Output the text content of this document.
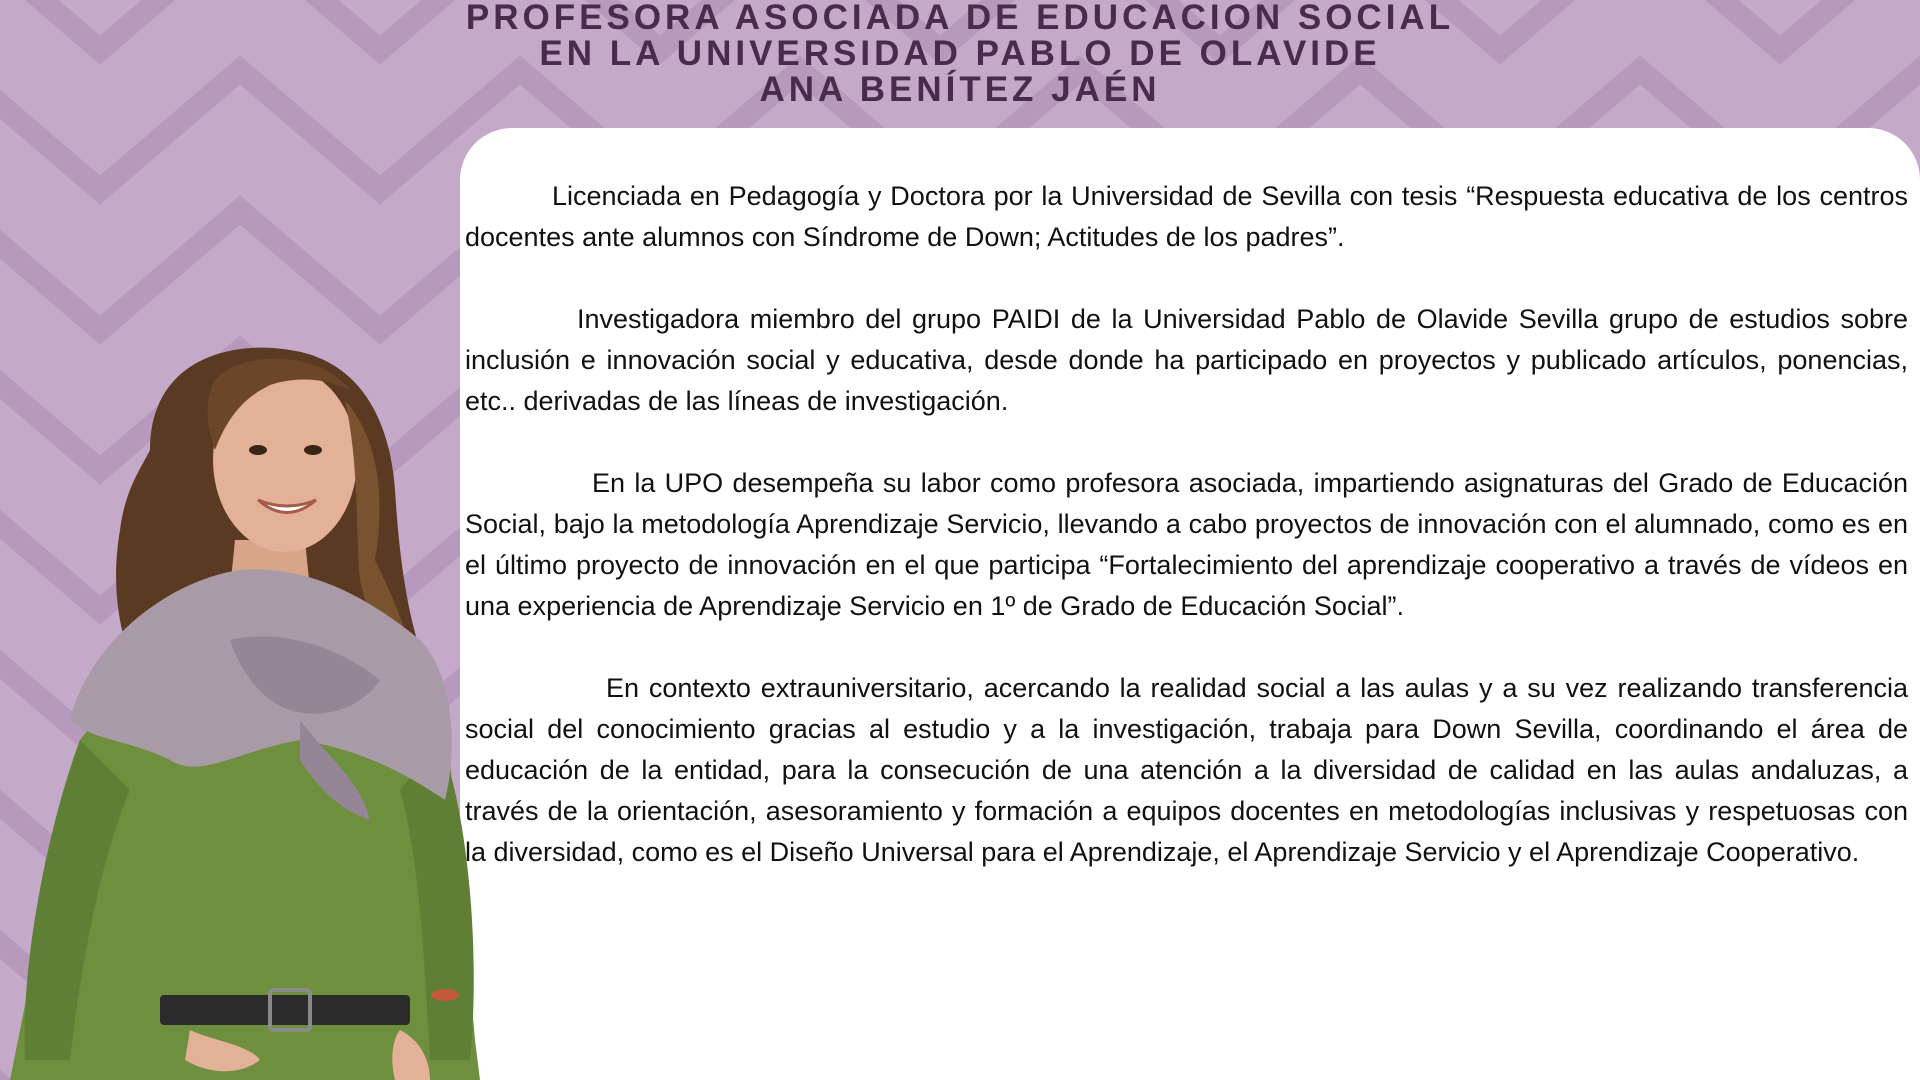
PROFESORA ASOCIADA DE EDUCACION SOCIAL
EN LA UNIVERSIDAD PABLO DE OLAVIDE
ANA BENÍTEZ JAÉN

Licenciada en Pedagogía y Doctora por la Universidad de Sevilla con tesis “Respuesta educativa de los centros docentes ante alumnos con Síndrome de Down; Actitudes de los padres”.

Investigadora miembro del grupo PAIDI de la Universidad Pablo de Olavide Sevilla grupo de estudios sobre inclusión e innovación social y educativa, desde donde ha participado en proyectos y publicado artículos, ponencias, etc.. derivadas de las líneas de investigación.

En la UPO desempeña su labor como profesora asociada, impartiendo asignaturas del Grado de Educación Social, bajo la metodología Aprendizaje Servicio, llevando a cabo proyectos de innovación con el alumnado, como es en el último proyecto de innovación en el que participa “Fortalecimiento del aprendizaje cooperativo a través de vídeos en una experiencia de Aprendizaje Servicio en 1º de Grado de Educación Social”.

En contexto extrauniversitario, acercando la realidad social a las aulas y a su vez realizando transferencia social del conocimiento gracias al estudio y a la investigación, trabaja para Down Sevilla, coordinando el área de educación de la entidad, para la consecución de una atención a la diversidad de calidad en las aulas andaluzas, a través de la orientación, asesoramiento y formación a equipos docentes en metodologías inclusivas y respetuosas con la diversidad, como es el Diseño Universal para el Aprendizaje, el Aprendizaje Servicio y el Aprendizaje Cooperativo.
